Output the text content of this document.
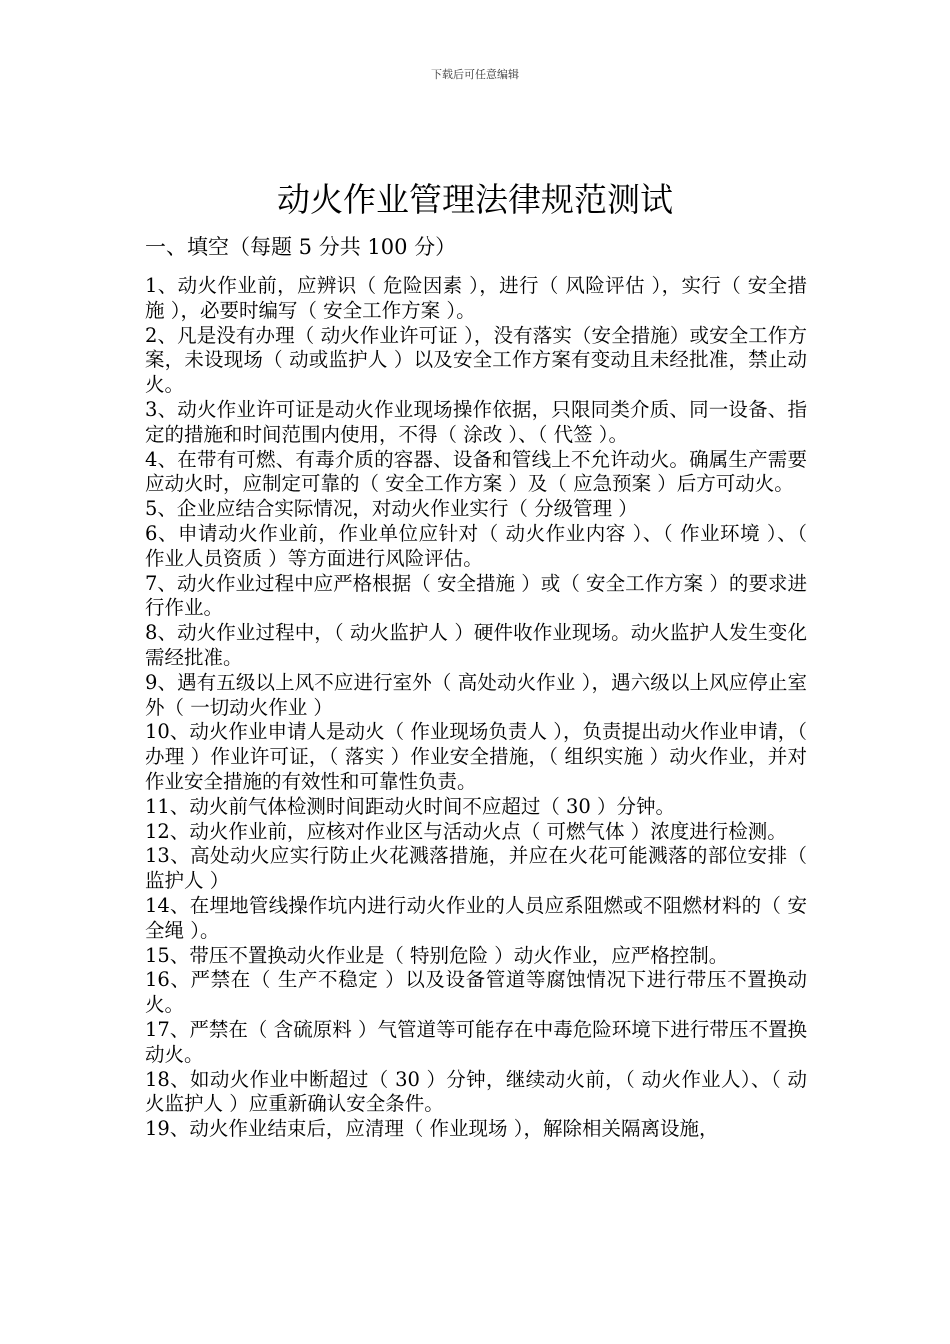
下载后可任意编辑
动火作业管理法律规范测试
一、填空（每题 5 分共 100 分）

1、动火作业前，应辨识（ 危险因素 ），进行（ 风险评估 ），实行（ 安全措施 ），必要时编写（ 安全工作方案 ）。

2、凡是没有办理（ 动火作业许可证 ），没有落实（安全措施）或安全工作方案，未设现场（ 动或监护人 ）以及安全工作方案有变动且未经批准，禁止动火。

3、动火作业许可证是动火作业现场操作依据，只限同类介质、同一设备、指定的措施和时间范围内使用，不得（ 涂改 ）、（ 代签 ）。

4、在带有可燃、有毒介质的容器、设备和管线上不允许动火。确属生产需要应动火时，应制定可靠的（ 安全工作方案 ）及（ 应急预案 ）后方可动火。

5、企业应结合实际情况，对动火作业实行（ 分级管理 ）

6、申请动火作业前，作业单位应针对（ 动火作业内容 ）、（ 作业环境 ）、（ 作业人员资质 ）等方面进行风险评估。

7、动火作业过程中应严格根据（ 安全措施 ）或（ 安全工作方案 ）的要求进行作业。

8、动火作业过程中，（ 动火监护人 ）硬件收作业现场。动火监护人发生变化需经批准。

9、遇有五级以上风不应进行室外（ 高处动火作业 ），遇六级以上风应停止室外（ 一切动火作业 ）

10、动火作业申请人是动火（ 作业现场负责人 ），负责提出动火作业申请，（ 办理 ）作业许可证，（ 落实 ）作业安全措施，（ 组织实施 ）动火作业，并对作业安全措施的有效性和可靠性负责。

11、动火前气体检测时间距动火时间不应超过（ 30 ）分钟。

12、动火作业前，应核对作业区与活动火点（ 可燃气体 ）浓度进行检测。

13、高处动火应实行防止火花溅落措施，并应在火花可能溅落的部位安排（ 监护人 ）

14、在埋地管线操作坑内进行动火作业的人员应系阻燃或不阻燃材料的（ 安全绳 ）。

15、带压不置换动火作业是（ 特别危险 ）动火作业，应严格控制。

16、严禁在（ 生产不稳定 ）以及设备管道等腐蚀情况下进行带压不置换动火。

17、严禁在（ 含硫原料 ）气管道等可能存在中毒危险环境下进行带压不置换动火。

18、如动火作业中断超过（ 30 ）分钟，继续动火前，（ 动火作业人）、（ 动火监护人 ）应重新确认安全条件。

19、动火作业结束后，应清理（ 作业现场 ），解除相关隔离设施，
